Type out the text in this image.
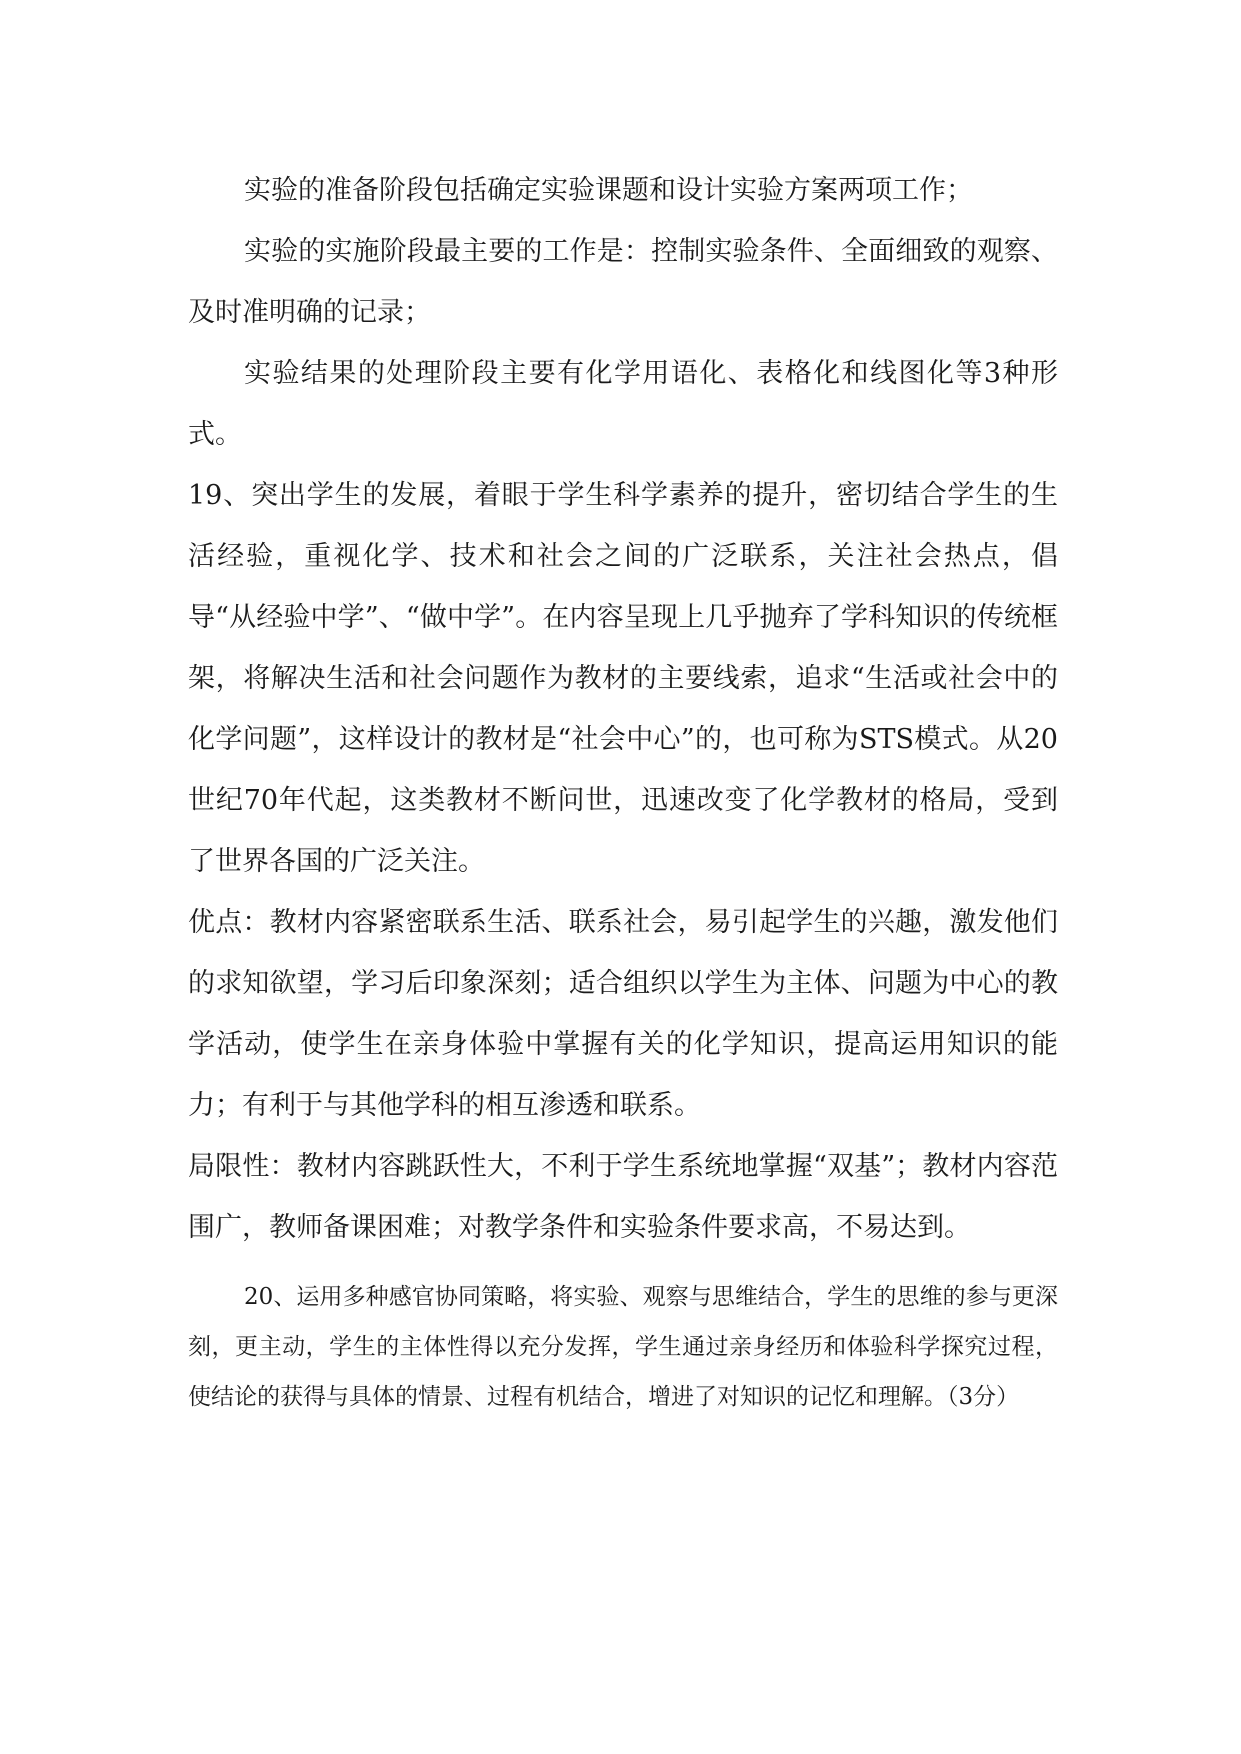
实验的准备阶段包括确定实验课题和设计实验方案两项工作；

实验的实施阶段最主要的工作是：控制实验条件、全面细致的观察、及时准明确的记录；

实验结果的处理阶段主要有化学用语化、表格化和线图化等3种形式。

19、突出学生的发展，着眼于学生科学素养的提升，密切结合学生的生活经验，重视化学、技术和社会之间的广泛联系，关注社会热点，倡导“从经验中学”、“做中学”。在内容呈现上几乎抛弃了学科知识的传统框架，将解决生活和社会问题作为教材的主要线索，追求“生活或社会中的化学问题”，这样设计的教材是“社会中心”的，也可称为STS模式。从20世纪70年代起，这类教材不断问世，迅速改变了化学教材的格局，受到了世界各国的广泛关注。

优点：教材内容紧密联系生活、联系社会，易引起学生的兴趣，激发他们的求知欲望，学习后印象深刻；适合组织以学生为主体、问题为中心的教学活动，使学生在亲身体验中掌握有关的化学知识，提高运用知识的能力；有利于与其他学科的相互渗透和联系。

局限性：教材内容跳跃性大，不利于学生系统地掌握“双基”；教材内容范围广，教师备课困难；对教学条件和实验条件要求高，不易达到。

20、运用多种感官协同策略，将实验、观察与思维结合，学生的思维的参与更深刻，更主动，学生的主体性得以充分发挥，学生通过亲身经历和体验科学探究过程，使结论的获得与具体的情景、过程有机结合，增进了对知识的记忆和理解。（3分）
